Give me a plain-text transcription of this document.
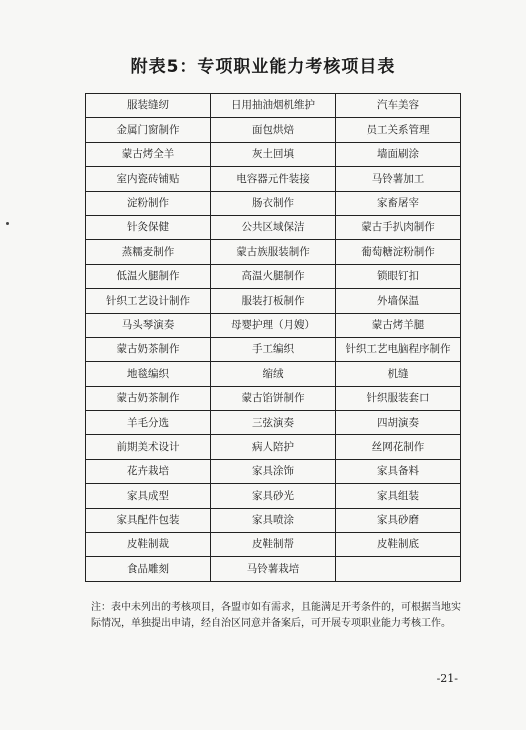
附表5：专项职业能力考核项目表
服装缝纫	日用抽油烟机维护	汽车美容
金属门窗制作	面包烘焙	员工关系管理
蒙古烤全羊	灰土回填	墙面刷涂
室内瓷砖铺贴	电容器元件装接	马铃薯加工
淀粉制作	肠衣制作	家畜屠宰
针灸保健	公共区域保洁	蒙古手扒肉制作
蒸糯麦制作	蒙古族服装制作	葡萄糖淀粉制作
低温火腿制作	高温火腿制作	锁眼钉扣
针织工艺设计制作	服装打板制作	外墙保温
马头琴演奏	母婴护理（月嫂）	蒙古烤羊腿
蒙古奶茶制作	手工编织	针织工艺电脑程序制作
地毯编织	缩绒	机缝
蒙古奶茶制作	蒙古馅饼制作	针织服装套口
羊毛分选	三弦演奏	四胡演奏
前期美术设计	病人陪护	丝网花制作
花卉栽培	家具涂饰	家具备料
家具成型	家具砂光	家具组装
家具配件包装	家具喷涂	家具砂磨
皮鞋制裁	皮鞋制帮	皮鞋制底
食品雕刻	马铃薯栽培	
注：表中未列出的考核项目，各盟市如有需求，且能满足开考条件的，可根据当地实际情况，单独提出申请，经自治区同意并备案后，可开展专项职业能力考核工作。
-21-
